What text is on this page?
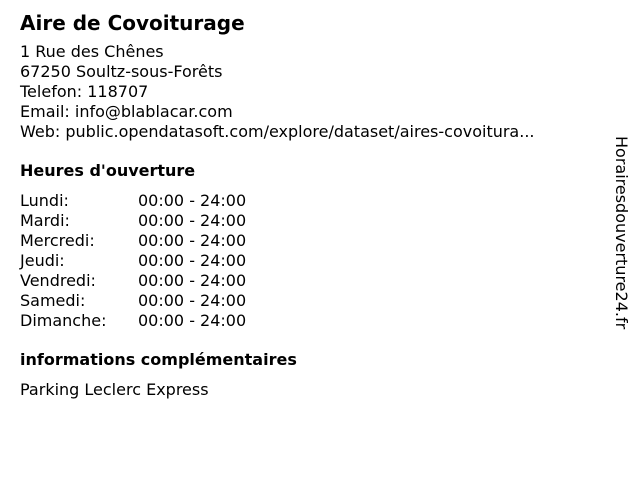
Aire de Covoiturage
1 Rue des Chênes
67250 Soultz-sous-Forêts
Telefon: 118707
Email: info@blablacar.com
Web: public.opendatasoft.com/explore/dataset/aires-covoitura...
Heures d'ouverture
Lundi:	00:00 - 24:00
Mardi:	00:00 - 24:00
Mercredi:	00:00 - 24:00
Jeudi:	00:00 - 24:00
Vendredi:	00:00 - 24:00
Samedi:	00:00 - 24:00
Dimanche:	00:00 - 24:00
informations complémentaires
Parking Leclerc Express
Horairesdouverture24.fr
